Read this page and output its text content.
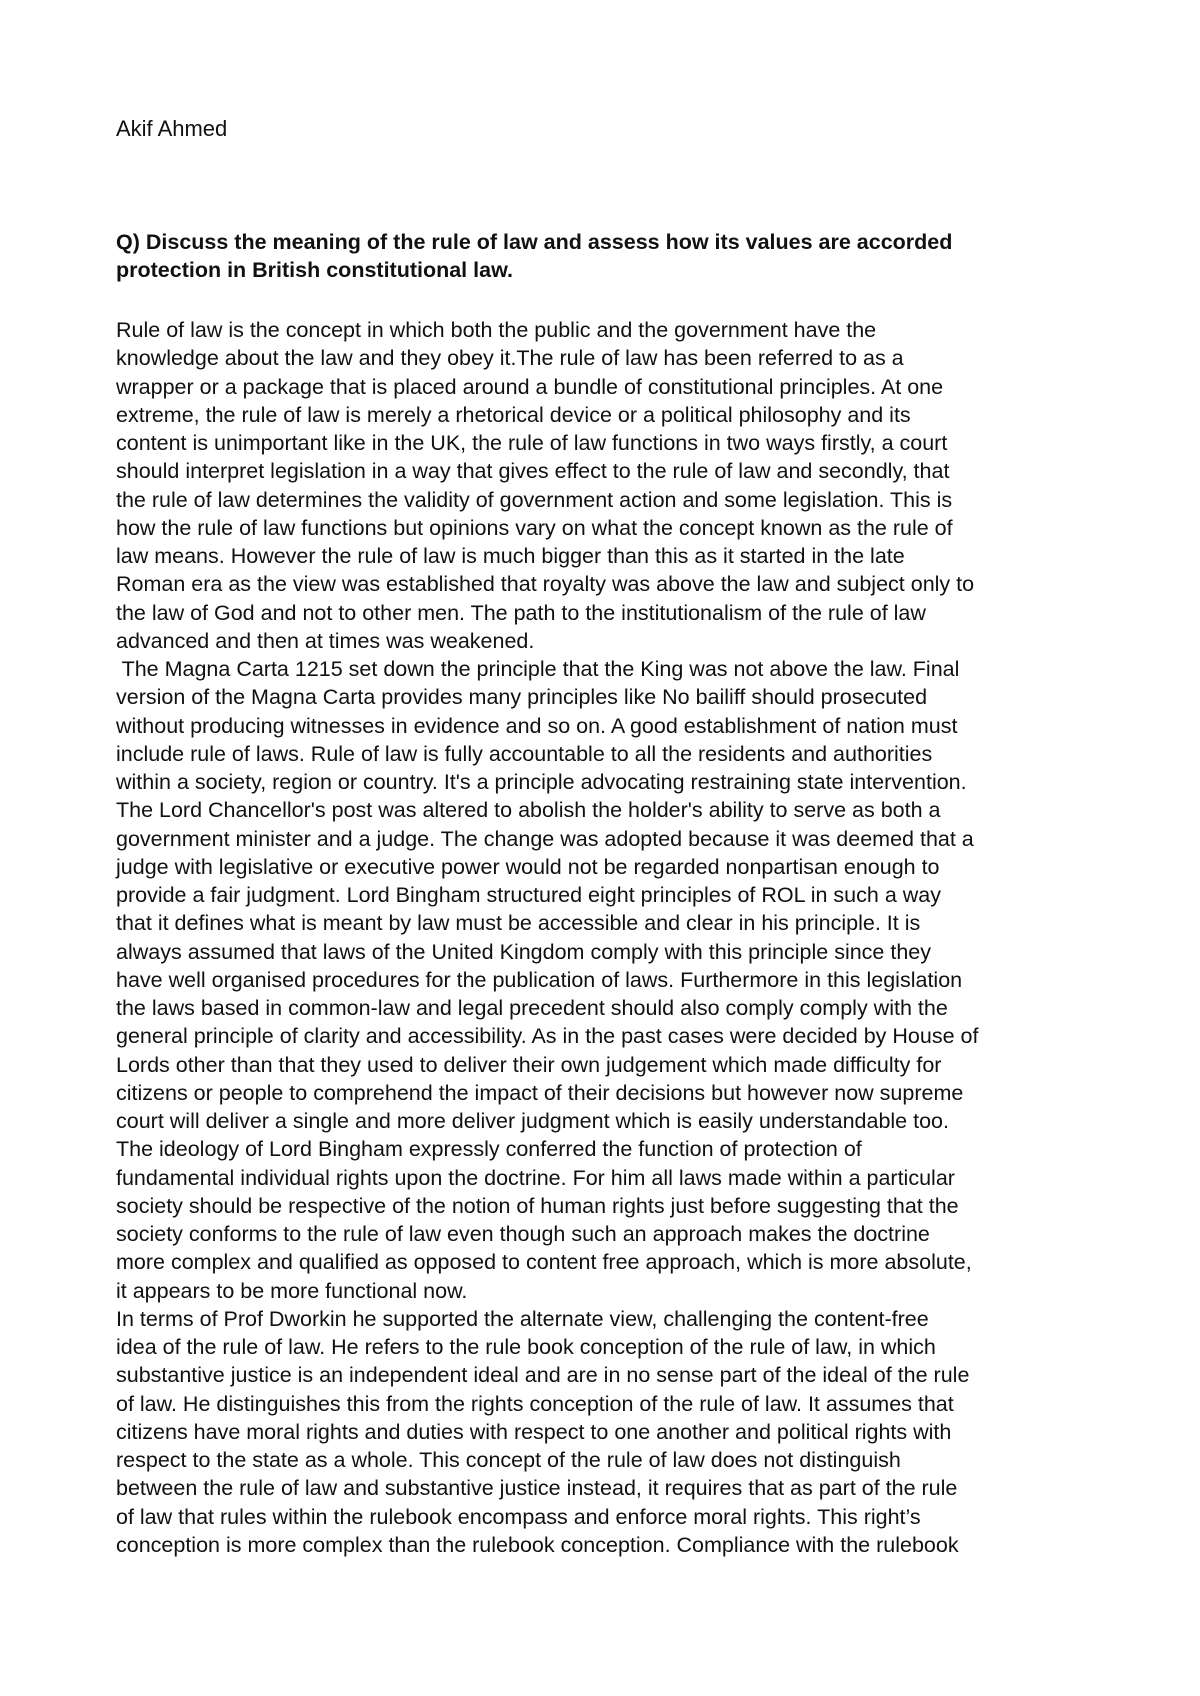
Akif Ahmed
Q) Discuss the meaning of the rule of law and assess how its values are accorded
protection in British constitutional law.
Rule of law is the concept in which both the public and the government have the
knowledge about the law and they obey it.The rule of law has been referred to as a
wrapper or a package that is placed around a bundle of constitutional principles. At one
extreme, the rule of law is merely a rhetorical device or a political philosophy and its
content is unimportant like in the UK, the rule of law functions in two ways firstly, a court
should interpret legislation in a way that gives effect to the rule of law and secondly, that
the rule of law determines the validity of government action and some legislation. This is
how the rule of law functions but opinions vary on what the concept known as the rule of
law means. However the rule of law is much bigger than this as it started in the late
Roman era as the view was established that royalty was above the law and subject only to
the law of God and not to other men. The path to the institutionalism of the rule of law
advanced and then at times was weakened.
The Magna Carta 1215 set down the principle that the King was not above the law. Final
version of the Magna Carta provides many principles like No bailiff should prosecuted
without producing witnesses in evidence and so on. A good establishment of nation must
include rule of laws. Rule of law is fully accountable to all the residents and authorities
within a society, region or country. It's a principle advocating restraining state intervention.
The Lord Chancellor's post was altered to abolish the holder's ability to serve as both a
government minister and a judge. The change was adopted because it was deemed that a
judge with legislative or executive power would not be regarded nonpartisan enough to
provide a fair judgment. Lord Bingham structured eight principles of ROL in such a way
that it defines what is meant by law must be accessible and clear in his principle. It is
always assumed that laws of the United Kingdom comply with this principle since they
have well organised procedures for the publication of laws. Furthermore in this legislation
the laws based in common-law and legal precedent should also comply comply with the
general principle of clarity and accessibility. As in the past cases were decided by House of
Lords other than that they used to deliver their own judgement which made difficulty for
citizens or people to comprehend the impact of their decisions but however now supreme
court will deliver a single and more deliver judgment which is easily understandable too.
The ideology of Lord Bingham expressly conferred the function of protection of
fundamental individual rights upon the doctrine. For him all laws made within a particular
society should be respective of the notion of human rights just before suggesting that the
society conforms to the rule of law even though such an approach makes the doctrine
more complex and qualified as opposed to content free approach, which is more absolute,
it appears to be more functional now.
In terms of Prof Dworkin he supported the alternate view, challenging the content-free
idea of the rule of law. He refers to the rule book conception of the rule of law, in which
substantive justice is an independent ideal and are in no sense part of the ideal of the rule
of law. He distinguishes this from the rights conception of the rule of law. It assumes that
citizens have moral rights and duties with respect to one another and political rights with
respect to the state as a whole. This concept of the rule of law does not distinguish
between the rule of law and substantive justice instead, it requires that as part of the rule
of law that rules within the rulebook encompass and enforce moral rights. This right’s
conception is more complex than the rulebook conception. Compliance with the rulebook
